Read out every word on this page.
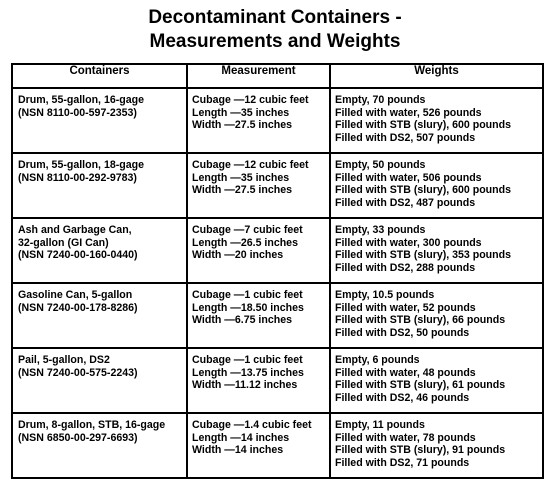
Decontaminant Containers -
Measurements and Weights
Containers	Measurement	Weights

Drum, 55-gallon, 16-gage
(NSN 8110-00-597-2353)	Cubage —12 cubic feet
Length —35 inches
Width —27.5 inches	Empty, 70 pounds
Filled with water, 526 pounds
Filled with STB (slury), 600 pounds
Filled with DS2, 507 pounds

Drum, 55-gallon, 18-gage
(NSN 8110-00-292-9783)	Cubage —12 cubic feet
Length —35 inches
Width —27.5 inches	Empty, 50 pounds
Filled with water, 506 pounds
Filled with STB (slury), 600 pounds
Filled with DS2, 487 pounds

Ash and Garbage Can,
32-gallon (GI Can)
(NSN 7240-00-160-0440)	Cubage —7 cubic feet
Length —26.5 inches
Width —20 inches	Empty, 33 pounds
Filled with water, 300 pounds
Filled with STB (slury), 353 pounds
Filled with DS2, 288 pounds

Gasoline Can, 5-gallon
(NSN 7240-00-178-8286)	Cubage —1 cubic feet
Length —18.50 inches
Width —6.75 inches	Empty, 10.5 pounds
Filled with water, 52 pounds
Filled with STB (slury), 66 pounds
Filled with DS2, 50 pounds

Pail, 5-gallon, DS2
(NSN 7240-00-575-2243)	Cubage —1 cubic feet
Length —13.75 inches
Width —11.12 inches	Empty, 6 pounds
Filled with water, 48 pounds
Filled with STB (slury), 61 pounds
Filled with DS2, 46 pounds

Drum, 8-gallon, STB, 16-gage
(NSN 6850-00-297-6693)	Cubage —1.4 cubic feet
Length —14 inches
Width —14 inches	Empty, 11 pounds
Filled with water, 78 pounds
Filled with STB (slury), 91 pounds
Filled with DS2, 71 pounds
